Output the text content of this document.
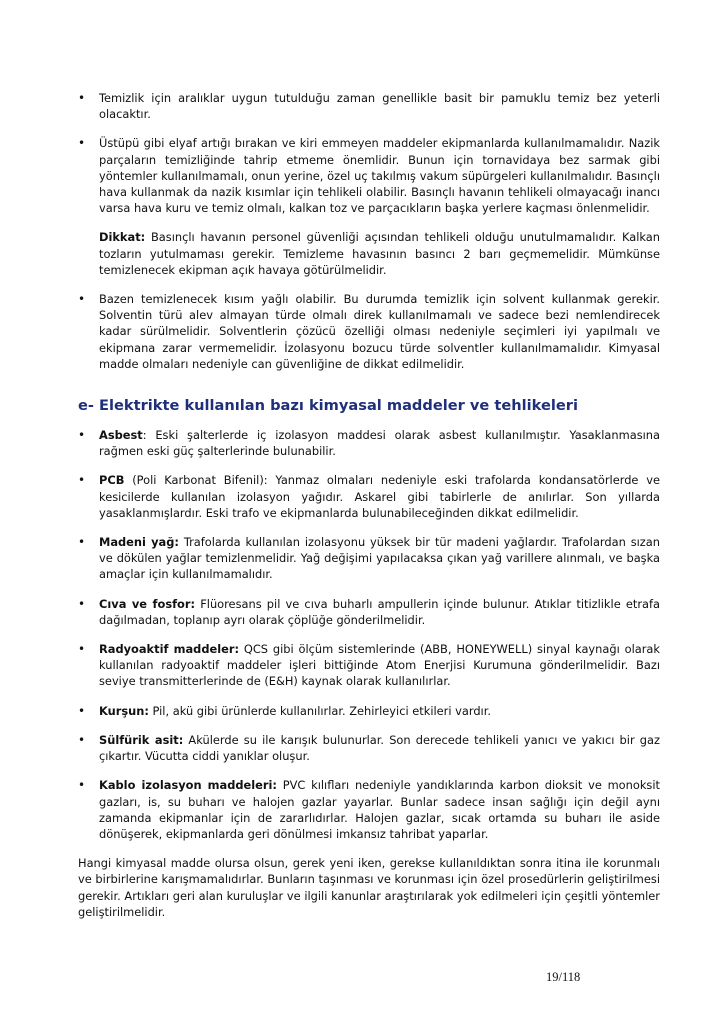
• Temizlik için aralıklar uygun tutulduğu zaman genellikle basit bir pamuklu temiz bez yeterli olacaktır.

• Üstüpü gibi elyaf artığı bırakan ve kiri emmeyen maddeler ekipmanlarda kullanılmamalıdır. Nazik parçaların temizliğinde tahrip etmeme önemlidir. Bunun için tornavidaya bez sarmak gibi yöntemler kullanılmamalı, onun yerine, özel uç takılmış vakum süpürgeleri kullanılmalıdır. Basınçlı hava kullanmak da nazik kısımlar için tehlikeli olabilir. Basınçlı havanın tehlikeli olmayacağı inancı varsa hava kuru ve temiz olmalı, kalkan toz ve parçacıkların başka yerlere kaçması önlenmelidir.

Dikkat: Basınçlı havanın personel güvenliği açısından tehlikeli olduğu unutulmamalıdır. Kalkan tozların yutulmaması gerekir. Temizleme havasının basıncı 2 barı geçmemelidir. Mümkünse temizlenecek ekipman açık havaya götürülmelidir.

• Bazen temizlenecek kısım yağlı olabilir. Bu durumda temizlik için solvent kullanmak gerekir. Solventin türü alev almayan türde olmalı direk kullanılmamalı ve sadece bezi nemlendirecek kadar sürülmelidir. Solventlerin çözücü özelliği olması nedeniyle seçimleri iyi yapılmalı ve ekipmana zarar vermemelidir. İzolasyonu bozucu türde solventler kullanılmamalıdır. Kimyasal madde olmaları nedeniyle can güvenliğine de dikkat edilmelidir.

e- Elektrikte kullanılan bazı kimyasal maddeler ve tehlikeleri
• Asbest: Eski şalterlerde iç izolasyon maddesi olarak asbest kullanılmıştır. Yasaklanmasına rağmen eski güç şalterlerinde bulunabilir.

• PCB (Poli Karbonat Bifenil): Yanmaz olmaları nedeniyle eski trafolarda kondansatörlerde ve kesicilerde kullanılan izolasyon yağıdır. Askarel gibi tabirlerle de anılırlar. Son yıllarda yasaklanmışlardır. Eski trafo ve ekipmanlarda bulunabileceğinden dikkat edilmelidir.

• Madeni yağ: Trafolarda kullanılan izolasyonu yüksek bir tür madeni yağlardır. Trafolardan sızan ve dökülen yağlar temizlenmelidir. Yağ değişimi yapılacaksa çıkan yağ varillere alınmalı, ve başka amaçlar için kullanılmamalıdır.

• Cıva ve fosfor: Flüoresans pil ve cıva buharlı ampullerin içinde bulunur. Atıklar titizlikle etrafa dağılmadan, toplanıp ayrı olarak çöplüğe gönderilmelidir.

• Radyoaktif maddeler: QCS gibi ölçüm sistemlerinde (ABB, HONEYWELL) sinyal kaynağı olarak kullanılan radyoaktif maddeler işleri bittiğinde Atom Enerjisi Kurumuna gönderilmelidir. Bazı seviye transmitterlerinde de (E&H) kaynak olarak kullanılırlar.

• Kurşun: Pil, akü gibi ürünlerde kullanılırlar. Zehirleyici etkileri vardır.

• Sülfürik asit: Akülerde su ile karışık bulunurlar. Son derecede tehlikeli yanıcı ve yakıcı bir gaz çıkartır. Vücutta ciddi yanıklar oluşur.

• Kablo izolasyon maddeleri: PVC kılıfları nedeniyle yandıklarında karbon dioksit ve monoksit gazları, is, su buharı ve halojen gazlar yayarlar. Bunlar sadece insan sağlığı için değil aynı zamanda ekipmanlar için de zararlıdırlar. Halojen gazlar, sıcak ortamda su buharı ile aside dönüşerek, ekipmanlarda geri dönülmesi imkansız tahribat yaparlar.

Hangi kimyasal madde olursa olsun, gerek yeni iken, gerekse kullanıldıktan sonra itina ile korunmalı ve birbirlerine karışmamalıdırlar. Bunların taşınması ve korunması için özel prosedürlerin geliştirilmesi gerekir. Artıkları geri alan kuruluşlar ve ilgili kanunlar araştırılarak yok edilmeleri için çeşitli yöntemler geliştirilmelidir.

19/118
